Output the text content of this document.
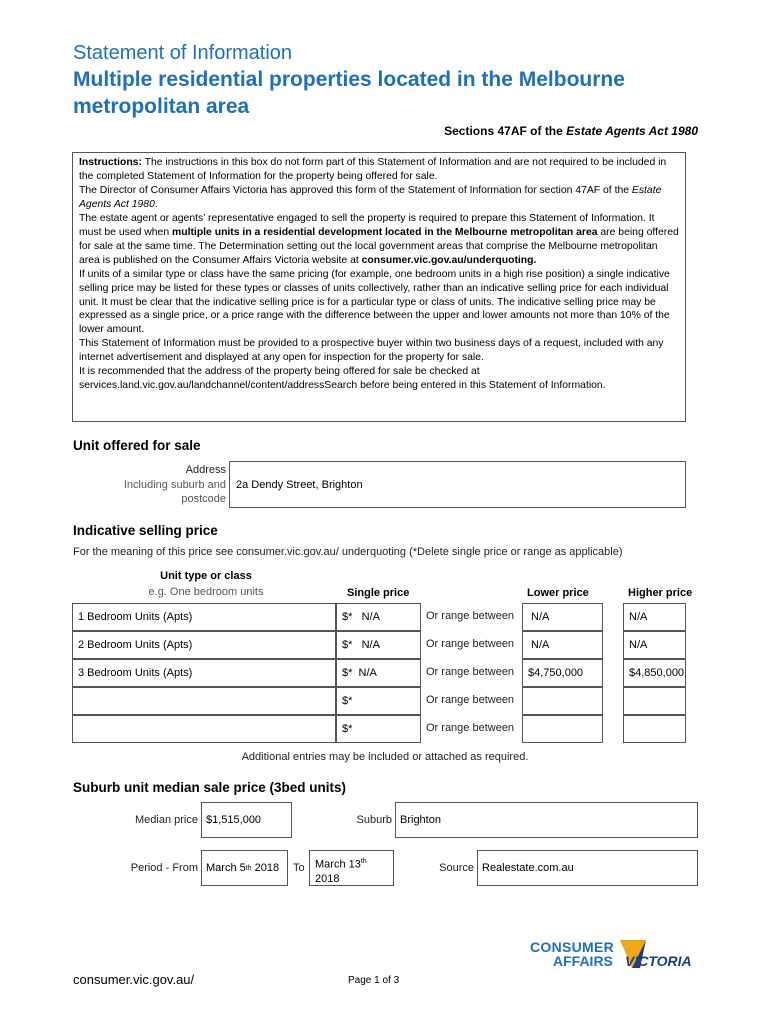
Statement of Information
Multiple residential properties located in the Melbourne
metropolitan area
Sections 47AF of the Estate Agents Act 1980

Instructions: The instructions in this box do not form part of this Statement of Information and are not required to be included in the completed Statement of Information for the property being offered for sale.

The Director of Consumer Affairs Victoria has approved this form of the Statement of Information for section 47AF of the Estate Agents Act 1980.

The estate agent or agents’ representative engaged to sell the property is required to prepare this Statement of Information. It must be used when multiple units in a residential development located in the Melbourne metropolitan area are being offered for sale at the same time. The Determination setting out the local government areas that comprise the Melbourne metropolitan area is published on the Consumer Affairs Victoria website at consumer.vic.gov.au/underquoting.

If units of a similar type or class have the same pricing (for example, one bedroom units in a high rise position) a single indicative selling price may be listed for these types or classes of units collectively, rather than an indicative selling price for each individual unit. It must be clear that the indicative selling price is for a particular type or class of units. The indicative selling price may be expressed as a single price, or a price range with the difference between the upper and lower amounts not more than 10% of the lower amount.

This Statement of Information must be provided to a prospective buyer within two business days of a request, included with any internet advertisement and displayed at any open for inspection for the property for sale.

It is recommended that the address of the property being offered for sale be checked at services.land.vic.gov.au/landchannel/content/addressSearch before being entered in this Statement of Information.

Unit offered for sale
Address
Including suburb and
postcode
2a Dendy Street, Brighton
Indicative selling price
For the meaning of this price see consumer.vic.gov.au/ underquoting (*Delete single price or range as applicable)
Unit type or class
e.g. One bedroom units	Single price	Lower price	Higher price
1 Bedroom Units (Apts)	$*   N/A	Or range between	N/A	N/A
2 Bedroom Units (Apts)	$*   N/A	Or range between	N/A	N/A
3 Bedroom Units (Apts)	$*  N/A	Or range between	$4,750,000	$4,850,000
$*	Or range between
$*	Or range between
Additional entries may be included or attached as required.
Suburb unit median sale price (3bed units)
Median price $1,515,000	Suburb Brighton
Period - From March 5 th 2018 To March 13th
2018
Source Realestate.com.au
CONSUMER
AFFAIRS VICTORIA
consumer.vic.gov.au/	Page 1 of 3
